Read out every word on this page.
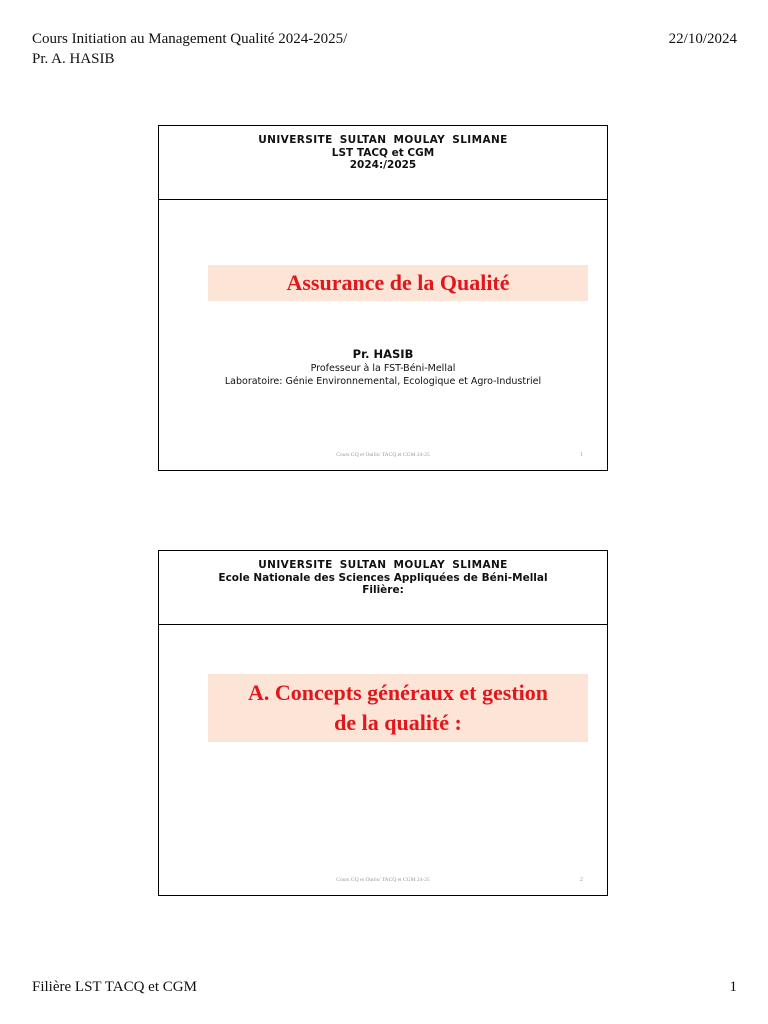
Cours Initiation au Management Qualité 2024-2025/ Pr. A. HASIB
22/10/2024
UNIVERSITE SULTAN MOULAY SLIMANE
LST TACQ et CGM
2024:/2025
Assurance de la Qualité
Pr. HASIB
Professeur à la FST-Béni-Mellal
Laboratoire: Génie Environnemental, Ecologique et Agro-Industriel
Cours GQ et Outils/ TACQ et CGM 24-25	1
UNIVERSITE SULTAN MOULAY SLIMANE
Ecole Nationale des Sciences Appliquées de Béni-Mellal
Filière:
A. Concepts généraux et gestion
de la qualité :
Cours GQ et Outils/ TACQ et CGM 24-25	2
Filière LST TACQ et CGM	1
